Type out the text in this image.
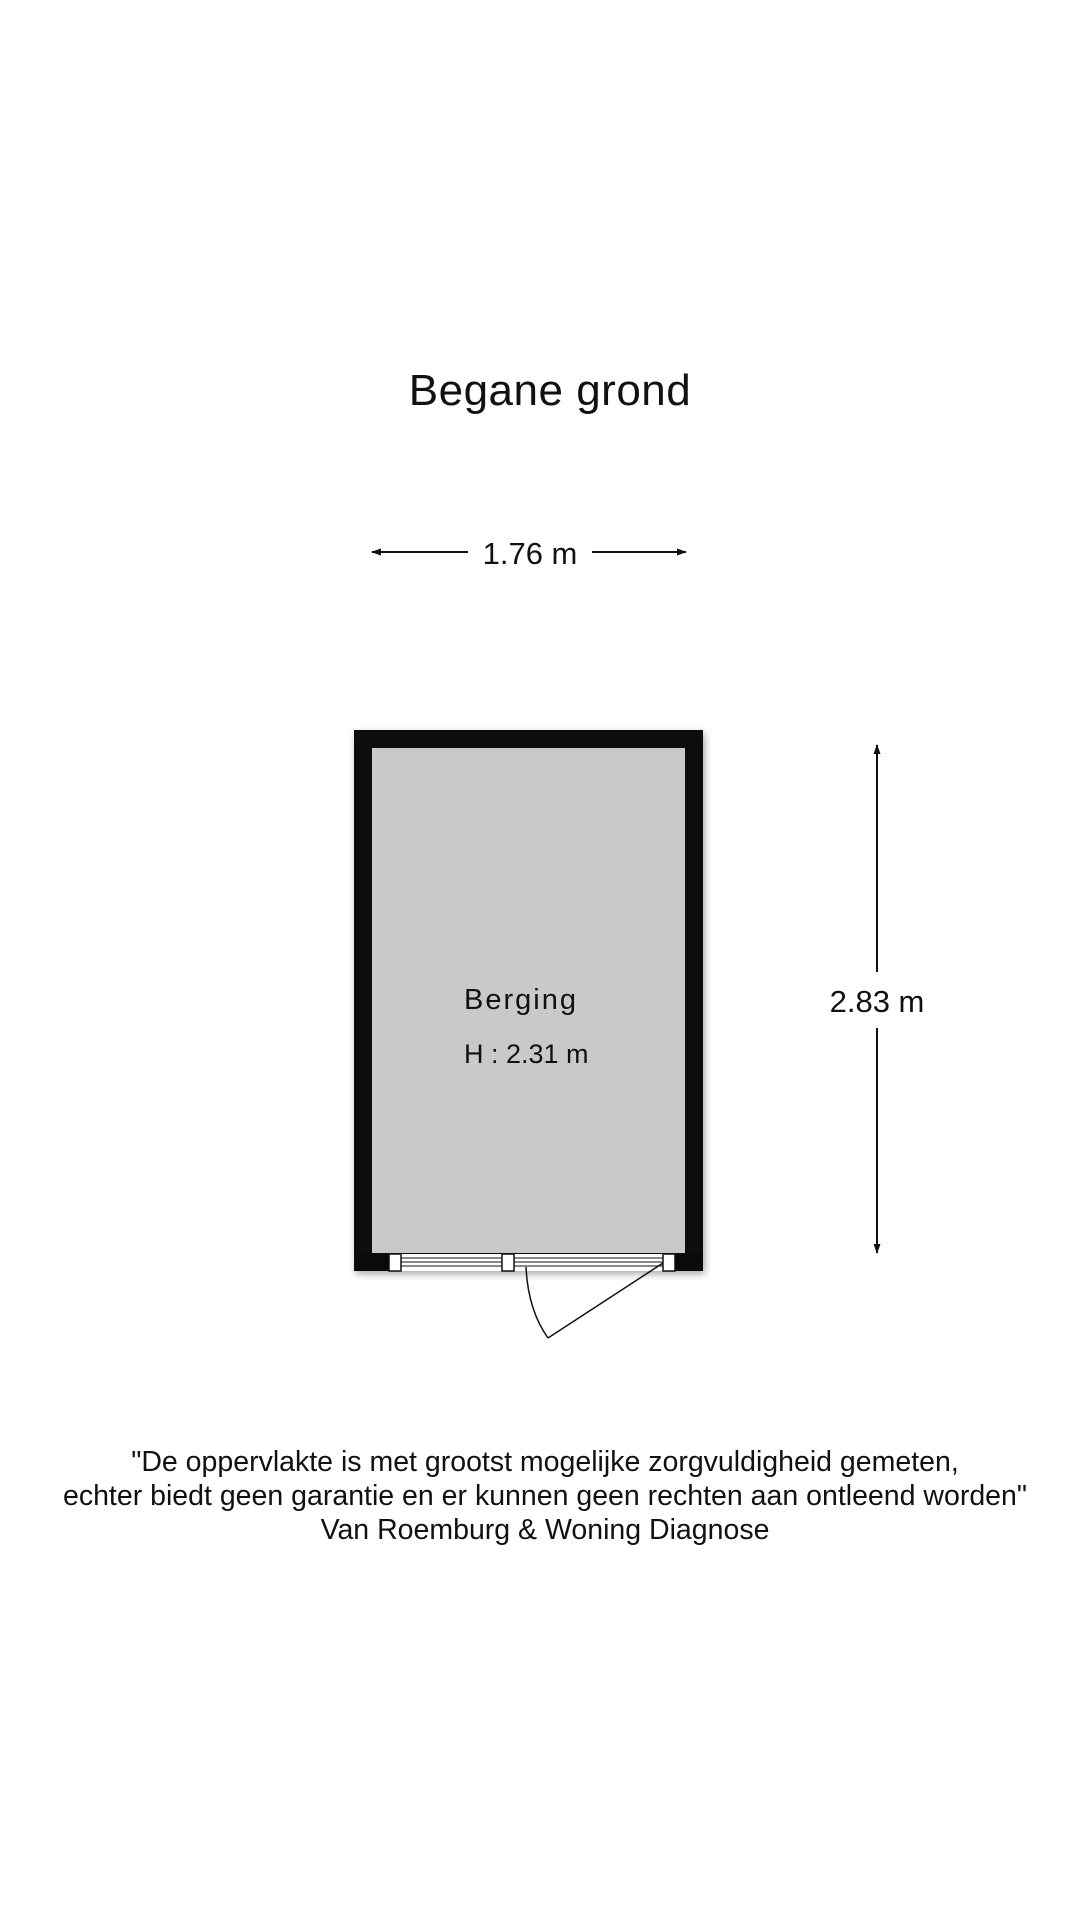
Begane grond
1.76 m
Berging
H : 2.31 m
2.83 m
"De oppervlakte is met grootst mogelijke zorgvuldigheid gemeten,
echter biedt geen garantie en er kunnen geen rechten aan ontleend worden"
Van Roemburg & Woning Diagnose
